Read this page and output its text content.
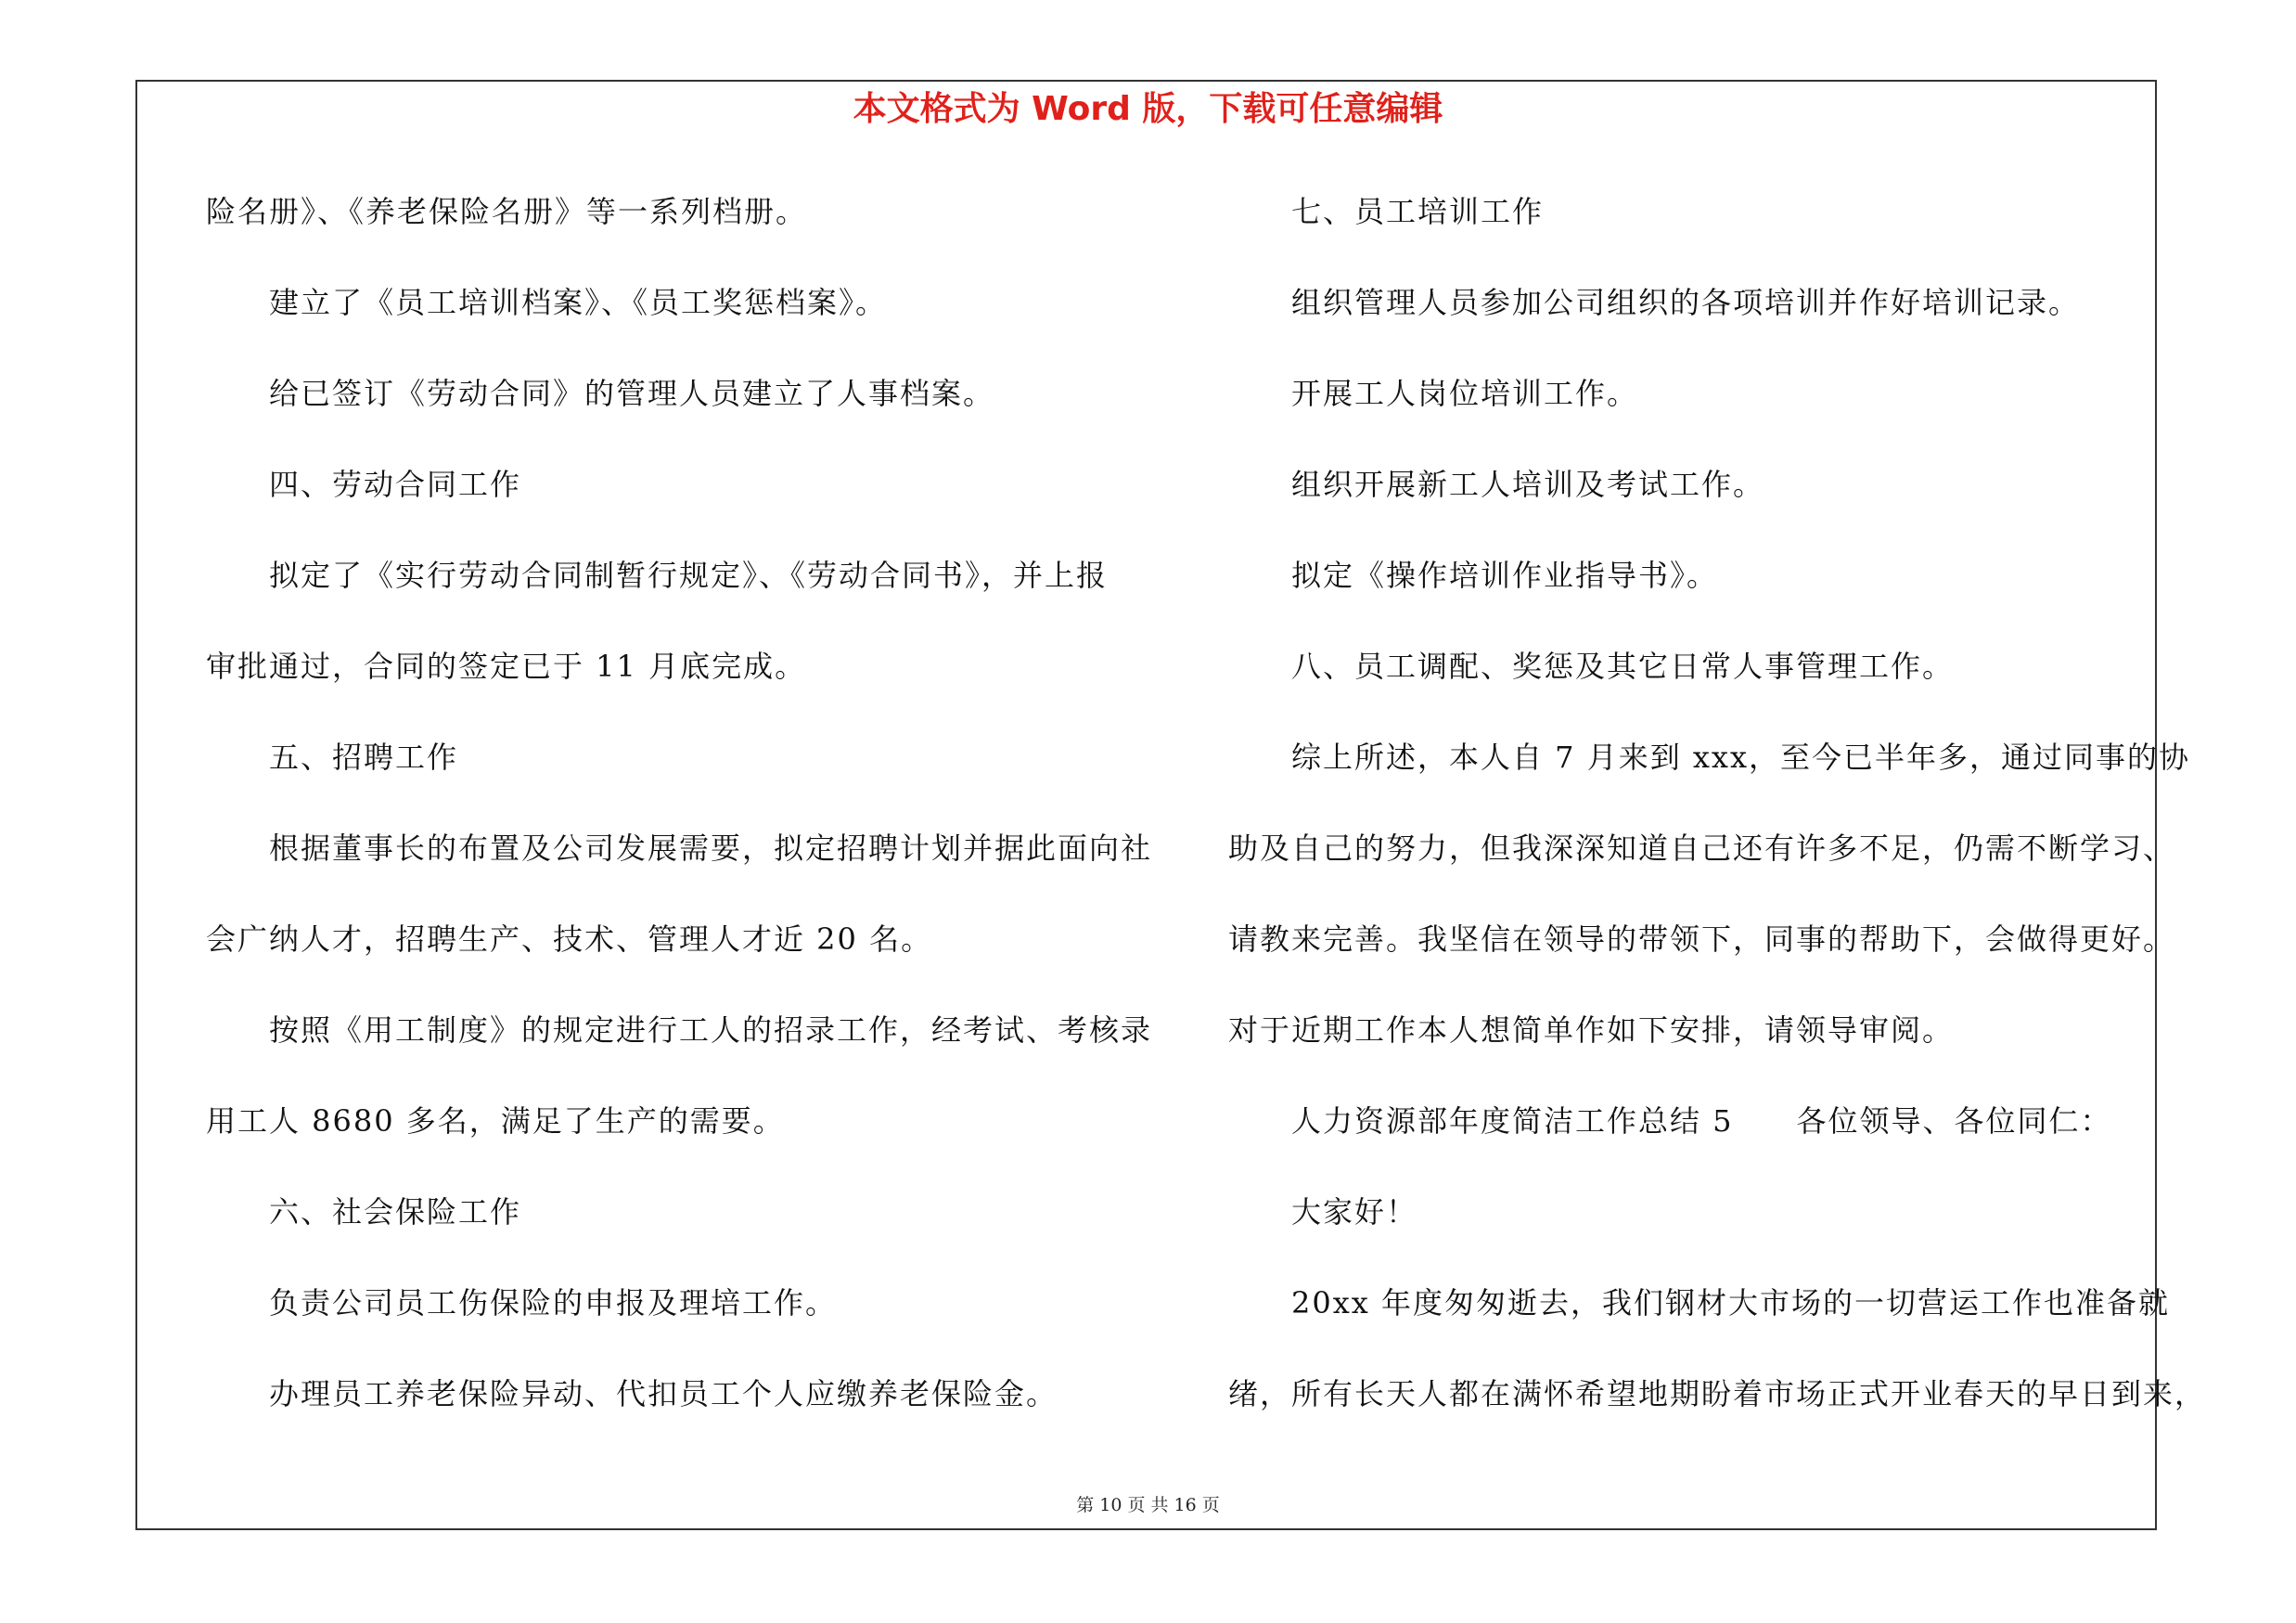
本文格式为 Word 版，下载可任意编辑
险名册》、《养老保险名册》等一系列档册。
建立了《员工培训档案》、《员工奖惩档案》。
给已签订《劳动合同》的管理人员建立了人事档案。
四、劳动合同工作
拟定了《实行劳动合同制暂行规定》、《劳动合同书》，并上报
审批通过，合同的签定已于 11 月底完成。
五、招聘工作
根据董事长的布置及公司发展需要，拟定招聘计划并据此面向社
会广纳人才，招聘生产、技术、管理人才近 20 名。
按照《用工制度》的规定进行工人的招录工作，经考试、考核录
用工人 8680 多名，满足了生产的需要。
六、社会保险工作
负责公司员工伤保险的申报及理培工作。
办理员工养老保险异动、代扣员工个人应缴养老保险金。
七、员工培训工作
组织管理人员参加公司组织的各项培训并作好培训记录。
开展工人岗位培训工作。
组织开展新工人培训及考试工作。
拟定《操作培训作业指导书》。
八、员工调配、奖惩及其它日常人事管理工作。
综上所述，本人自 7 月来到 xxx，至今已半年多，通过同事的协
助及自己的努力，但我深深知道自己还有许多不足，仍需不断学习、
请教来完善。我坚信在领导的带领下，同事的帮助下，会做得更好。
对于近期工作本人想简单作如下安排，请领导审阅。
人力资源部年度简洁工作总结 5　　各位领导、各位同仁：
大家好！
20xx 年度匆匆逝去，我们钢材大市场的一切营运工作也准备就
绪，所有长天人都在满怀希望地期盼着市场正式开业春天的早日到来，
第 10 页 共 16 页
